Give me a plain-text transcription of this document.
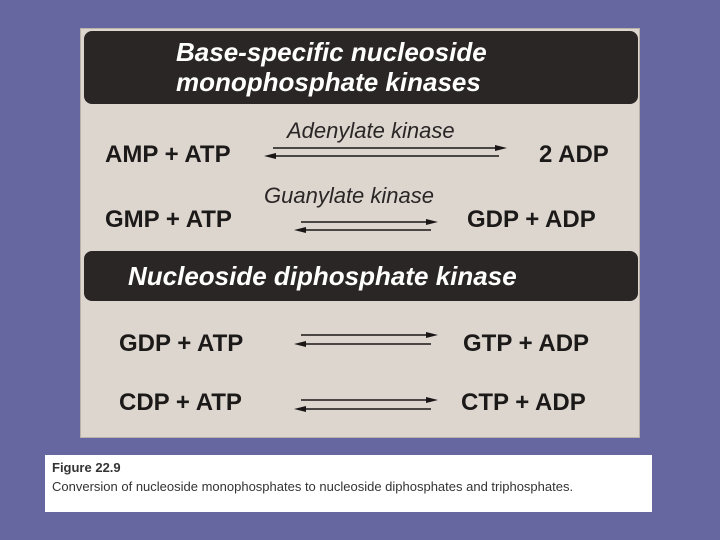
Base-specific nucleoside
monophosphate kinases
Adenylate kinase
AMP + ATP	2 ADP
Guanylate kinase
GMP + ATP	GDP + ADP
Nucleoside diphosphate kinase
GDP + ATP	GTP + ADP
CDP + ATP	CTP + ADP
Figure 22.9
Conversion of nucleoside monophosphates to nucleoside diphosphates and triphosphates.
